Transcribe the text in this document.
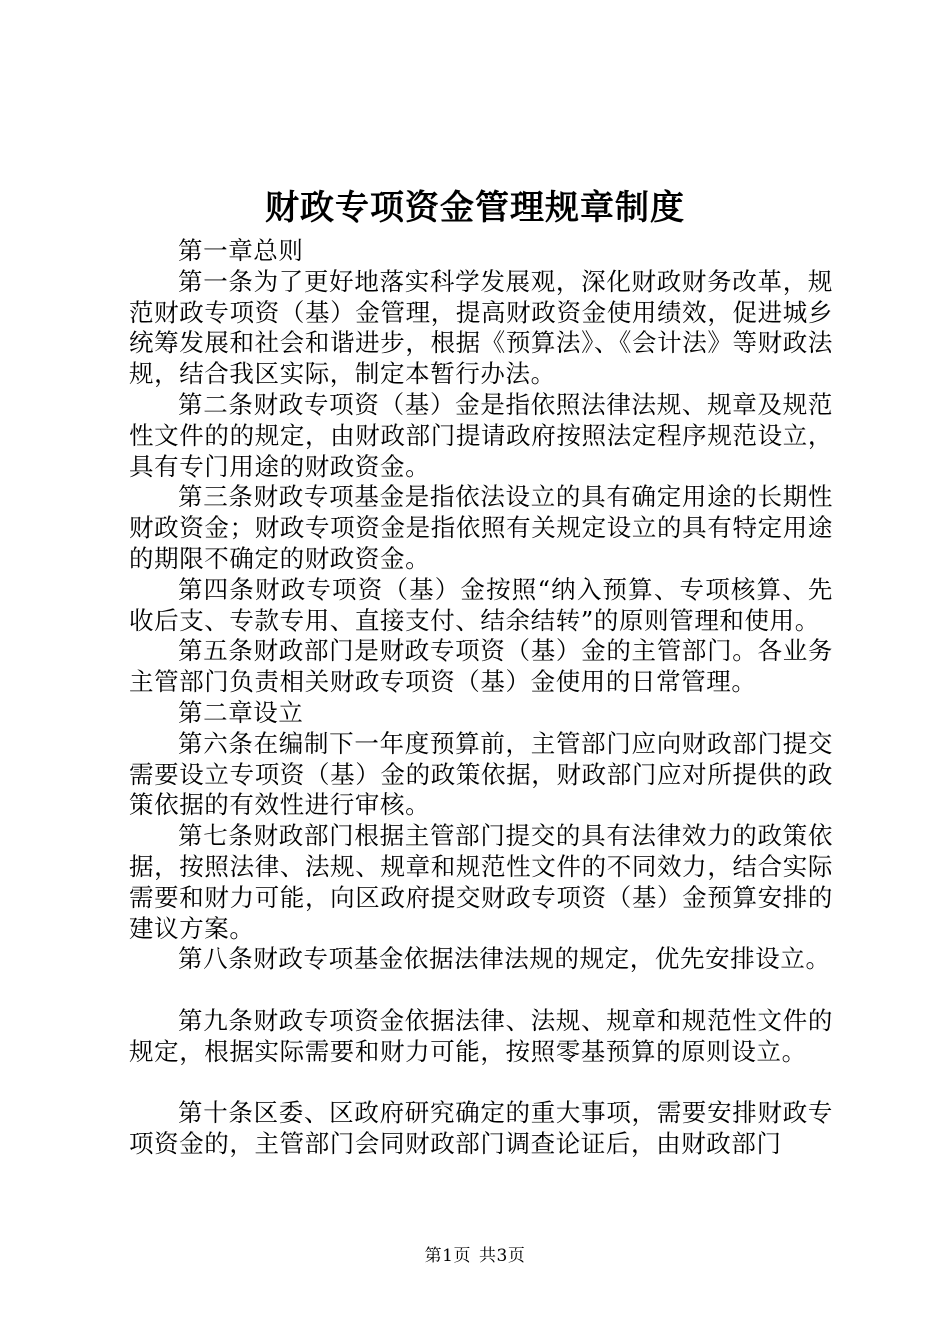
财政专项资金管理规章制度

第一章总则

第一条为了更好地落实科学发展观，深化财政财务改革，规范财政专项资（基）金管理，提高财政资金使用绩效，促进城乡统筹发展和社会和谐进步，根据《预算法》、《会计法》等财政法规，结合我区实际，制定本暂行办法。

第二条财政专项资（基）金是指依照法律法规、规章及规范性文件的的规定，由财政部门提请政府按照法定程序规范设立，具有专门用途的财政资金。

第三条财政专项基金是指依法设立的具有确定用途的长期性财政资金；财政专项资金是指依照有关规定设立的具有特定用途的期限不确定的财政资金。

第四条财政专项资（基）金按照“纳入预算、专项核算、先收后支、专款专用、直接支付、结余结转”的原则管理和使用。

第五条财政部门是财政专项资（基）金的主管部门。各业务主管部门负责相关财政专项资（基）金使用的日常管理。

第二章设立

第六条在编制下一年度预算前，主管部门应向财政部门提交需要设立专项资（基）金的政策依据，财政部门应对所提供的政策依据的有效性进行审核。

第七条财政部门根据主管部门提交的具有法律效力的政策依据，按照法律、法规、规章和规范性文件的不同效力，结合实际需要和财力可能，向区政府提交财政专项资（基）金预算安排的建议方案。

第八条财政专项基金依据法律法规的规定，优先安排设立。

第九条财政专项资金依据法律、法规、规章和规范性文件的规定，根据实际需要和财力可能，按照零基预算的原则设立。

第十条区委、区政府研究确定的重大事项，需要安排财政专项资金的，主管部门会同财政部门调查论证后，由财政部门

第1页 共3页
